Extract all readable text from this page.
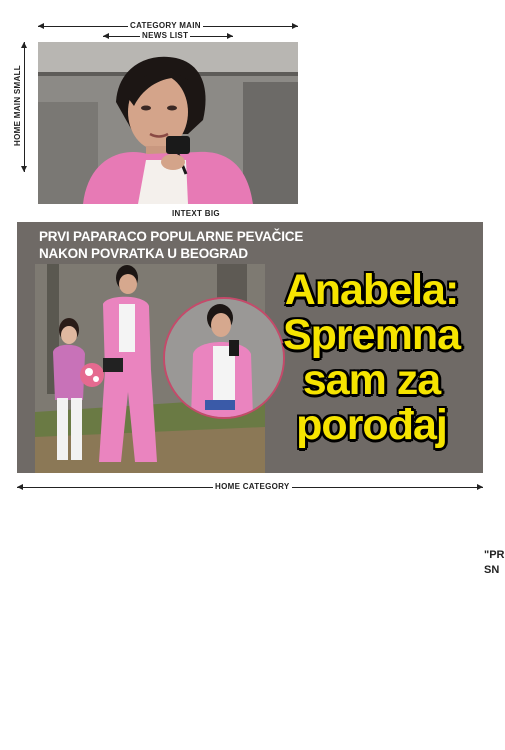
CATEGORY MAIN
NEWS LIST
HOME MAIN SMALL
INTEXT BIG
PRVI PAPARACO POPULARNE PEVAČICE
NAKON POVRATKA U BEOGRAD
Anabela:
Spremna
sam za
porođaj
HOME CATEGORY
"PR
SN
